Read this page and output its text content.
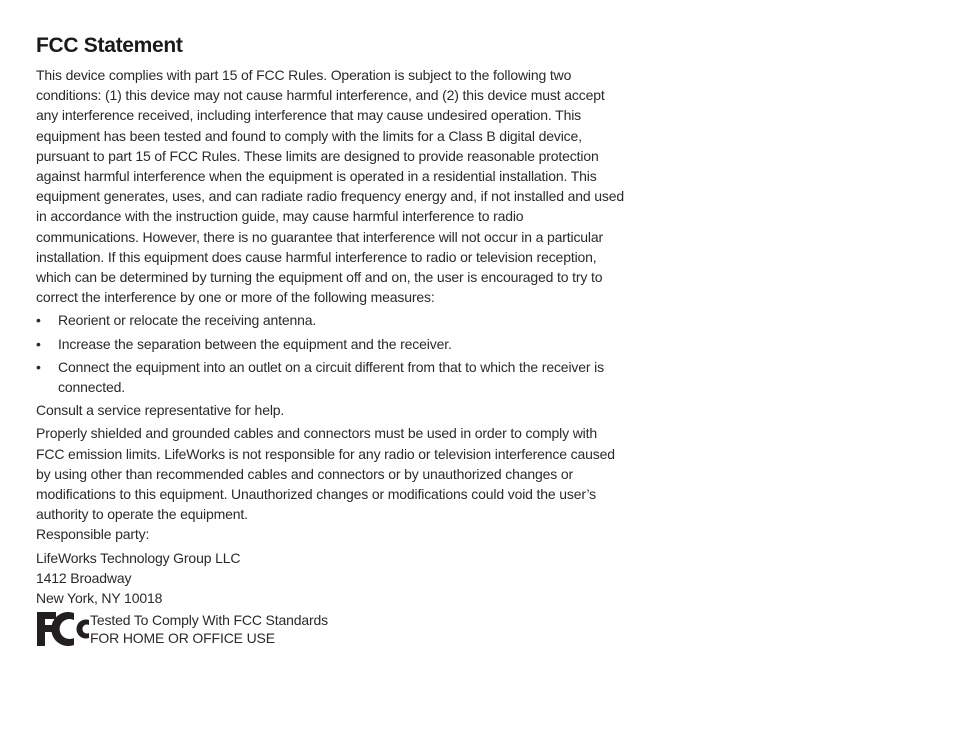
FCC Statement

This device complies with part 15 of FCC Rules. Operation is subject to the following two conditions: (1) this device may not cause harmful interference, and (2) this device must accept any interference received, including interference that may cause undesired operation. This equipment has been tested and found to comply with the limits for a Class B digital device, pursuant to part 15 of FCC Rules. These limits are designed to provide reasonable protection against harmful interference when the equipment is operated in a residential installation. This equipment generates, uses, and can radiate radio frequency energy and, if not installed and used in accordance with the instruction guide, may cause harmful interference to radio communications. However, there is no guarantee that interference will not occur in a particular installation. If this equipment does cause harmful interference to radio or television reception, which can be determined by turning the equipment off and on, the user is encouraged to try to correct the interference by one or more of the following measures:

•	Reorient or relocate the receiving antenna.
•	Increase the separation between the equipment and the receiver.
•	Connect the equipment into an outlet on a circuit different from that to which the receiver is connected.

Consult a service representative for help.

Properly shielded and grounded cables and connectors must be used in order to comply with FCC emission limits. LifeWorks is not responsible for any radio or television interference caused by using other than recommended cables and connectors or by unauthorized changes or modifications to this equipment. Unauthorized changes or modifications could void the user’s authority to operate the equipment.

Responsible party:

LifeWorks Technology Group LLC
1412 Broadway
New York, NY 10018
Tested To Comply With FCC Standards
FOR HOME OR OFFICE USE
